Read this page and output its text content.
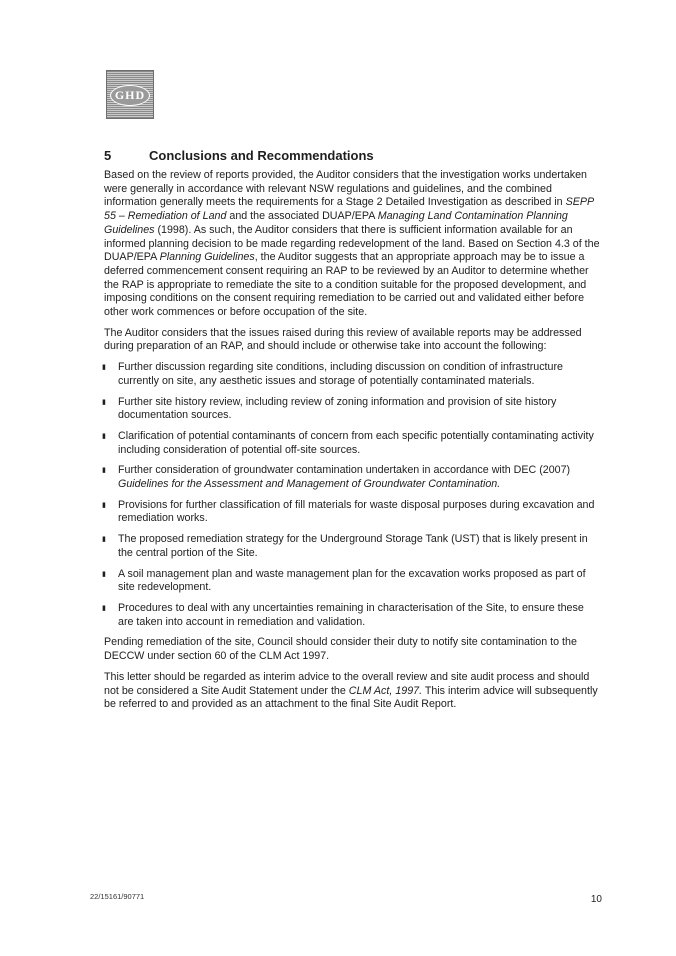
GHD
5	Conclusions and Recommendations

Based on the review of reports provided, the Auditor considers that the investigation works undertaken were generally in accordance with relevant NSW regulations and guidelines, and the combined information generally meets the requirements for a Stage 2 Detailed Investigation as described in SEPP 55 – Remediation of Land and the associated DUAP/EPA Managing Land Contamination Planning Guidelines (1998). As such, the Auditor considers that there is sufficient information available for an informed planning decision to be made regarding redevelopment of the land. Based on Section 4.3 of the DUAP/EPA Planning Guidelines, the Auditor suggests that an appropriate approach may be to issue a deferred commencement consent requiring an RAP to be reviewed by an Auditor to determine whether the RAP is appropriate to remediate the site to a condition suitable for the proposed development, and imposing conditions on the consent requiring remediation to be carried out and validated either before other work commences or before occupation of the site.

The Auditor considers that the issues raised during this review of available reports may be addressed during preparation of an RAP, and should include or otherwise take into account the following:

▮ Further discussion regarding site conditions, including discussion on condition of infrastructure currently on site, any aesthetic issues and storage of potentially contaminated materials.
▮ Further site history review, including review of zoning information and provision of site history documentation sources.
▮ Clarification of potential contaminants of concern from each specific potentially contaminating activity including consideration of potential off-site sources.
▮ Further consideration of groundwater contamination undertaken in accordance with DEC (2007) Guidelines for the Assessment and Management of Groundwater Contamination.
▮ Provisions for further classification of fill materials for waste disposal purposes during excavation and remediation works.
▮ The proposed remediation strategy for the Underground Storage Tank (UST) that is likely present in the central portion of the Site.
▮ A soil management plan and waste management plan for the excavation works proposed as part of site redevelopment.
▮ Procedures to deal with any uncertainties remaining in characterisation of the Site, to ensure these are taken into account in remediation and validation.

Pending remediation of the site, Council should consider their duty to notify site contamination to the DECCW under section 60 of the CLM Act 1997.

This letter should be regarded as interim advice to the overall review and site audit process and should not be considered a Site Audit Statement under the CLM Act, 1997. This interim advice will subsequently be referred to and provided as an attachment to the final Site Audit Report.

22/15161/90771	10
